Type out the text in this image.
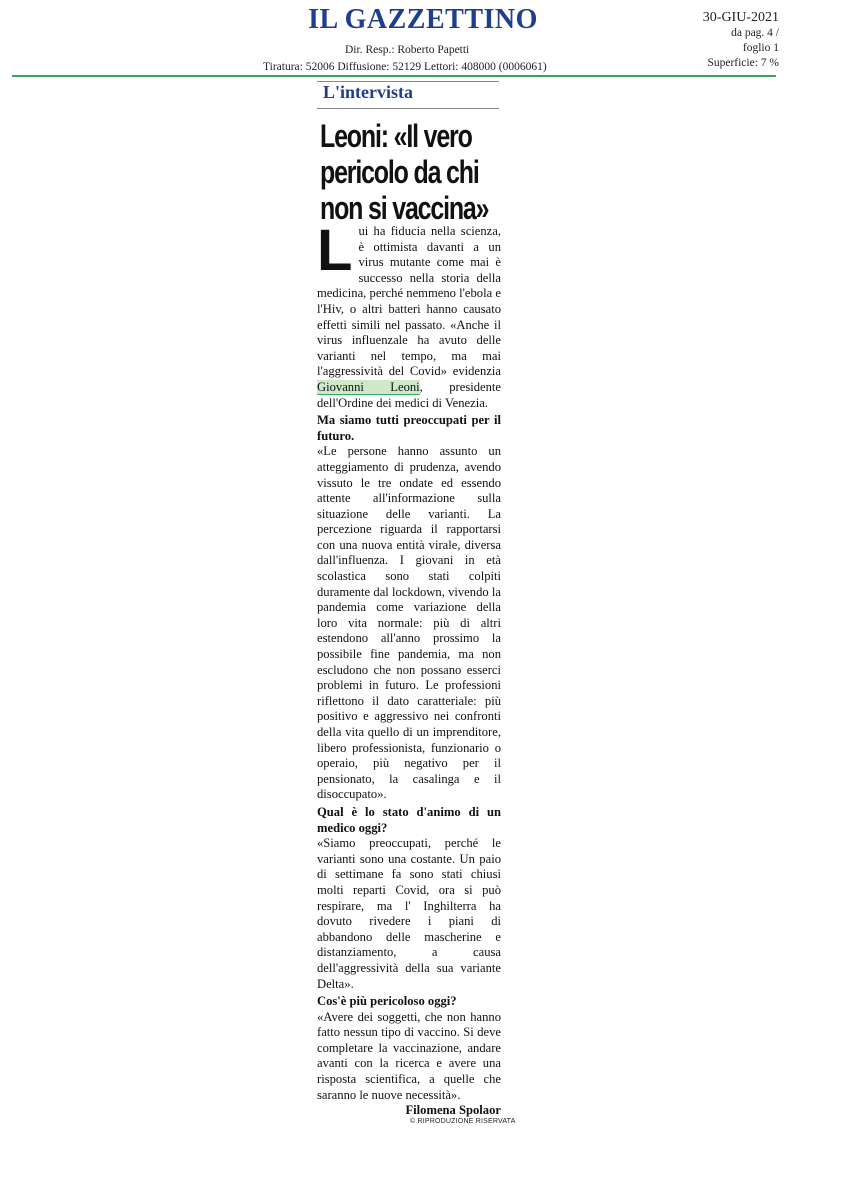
IL GAZZETTINO
Dir. Resp.: Roberto Papetti
Tiratura: 52006 Diffusione: 52129 Lettori: 408000 (0006061)
30-GIU-2021
da pag. 4 /
foglio 1
Superficie: 7 %
L'intervista
Leoni: «Il vero pericolo da chi non si vaccina»

Lui ha fiducia nella scienza, è ottimista davanti a un virus mutante come mai è successo nella storia della medicina, perché nemmeno l'ebola e l'Hiv, o altri batteri hanno causato effetti simili nel passato. «Anche il virus influenzale ha avuto delle varianti nel tempo, ma mai l'aggressività del Covid» evidenzia Giovanni Leoni, presidente dell'Ordine dei medici di Venezia.

Ma siamo tutti preoccupati per il futuro.

«Le persone hanno assunto un atteggiamento di prudenza, avendo vissuto le tre ondate ed essendo attente all'informazione sulla situazione delle varianti. La percezione riguarda il rapportarsi con una nuova entità virale, diversa dall'influenza. I giovani in età scolastica sono stati colpiti duramente dal lockdown, vivendo la pandemia come variazione della loro vita normale: più di altri estendono all'anno prossimo la possibile fine pandemia, ma non escludono che non possano esserci problemi in futuro. Le professioni riflettono il dato caratteriale: più positivo e aggressivo nei confronti della vita quello di un imprenditore, libero professionista, funzionario o operaio, più negativo per il pensionato, la casalinga e il disoccupato».

Qual è lo stato d'animo di un medico oggi?

«Siamo preoccupati, perché le varianti sono una costante. Un paio di settimane fa sono stati chiusi molti reparti Covid, ora si può respirare, ma l' Inghilterra ha dovuto rivedere i piani di abbandono delle mascherine e distanziamento, a causa dell'aggressività della sua variante Delta».

Cos'è più pericoloso oggi?

«Avere dei soggetti, che non hanno fatto nessun tipo di vaccino. Si deve completare la vaccinazione, andare avanti con la ricerca e avere una risposta scientifica, a quelle che saranno le nuove necessità».

Filomena Spolaor

© RIPRODUZIONE RISERVATA
